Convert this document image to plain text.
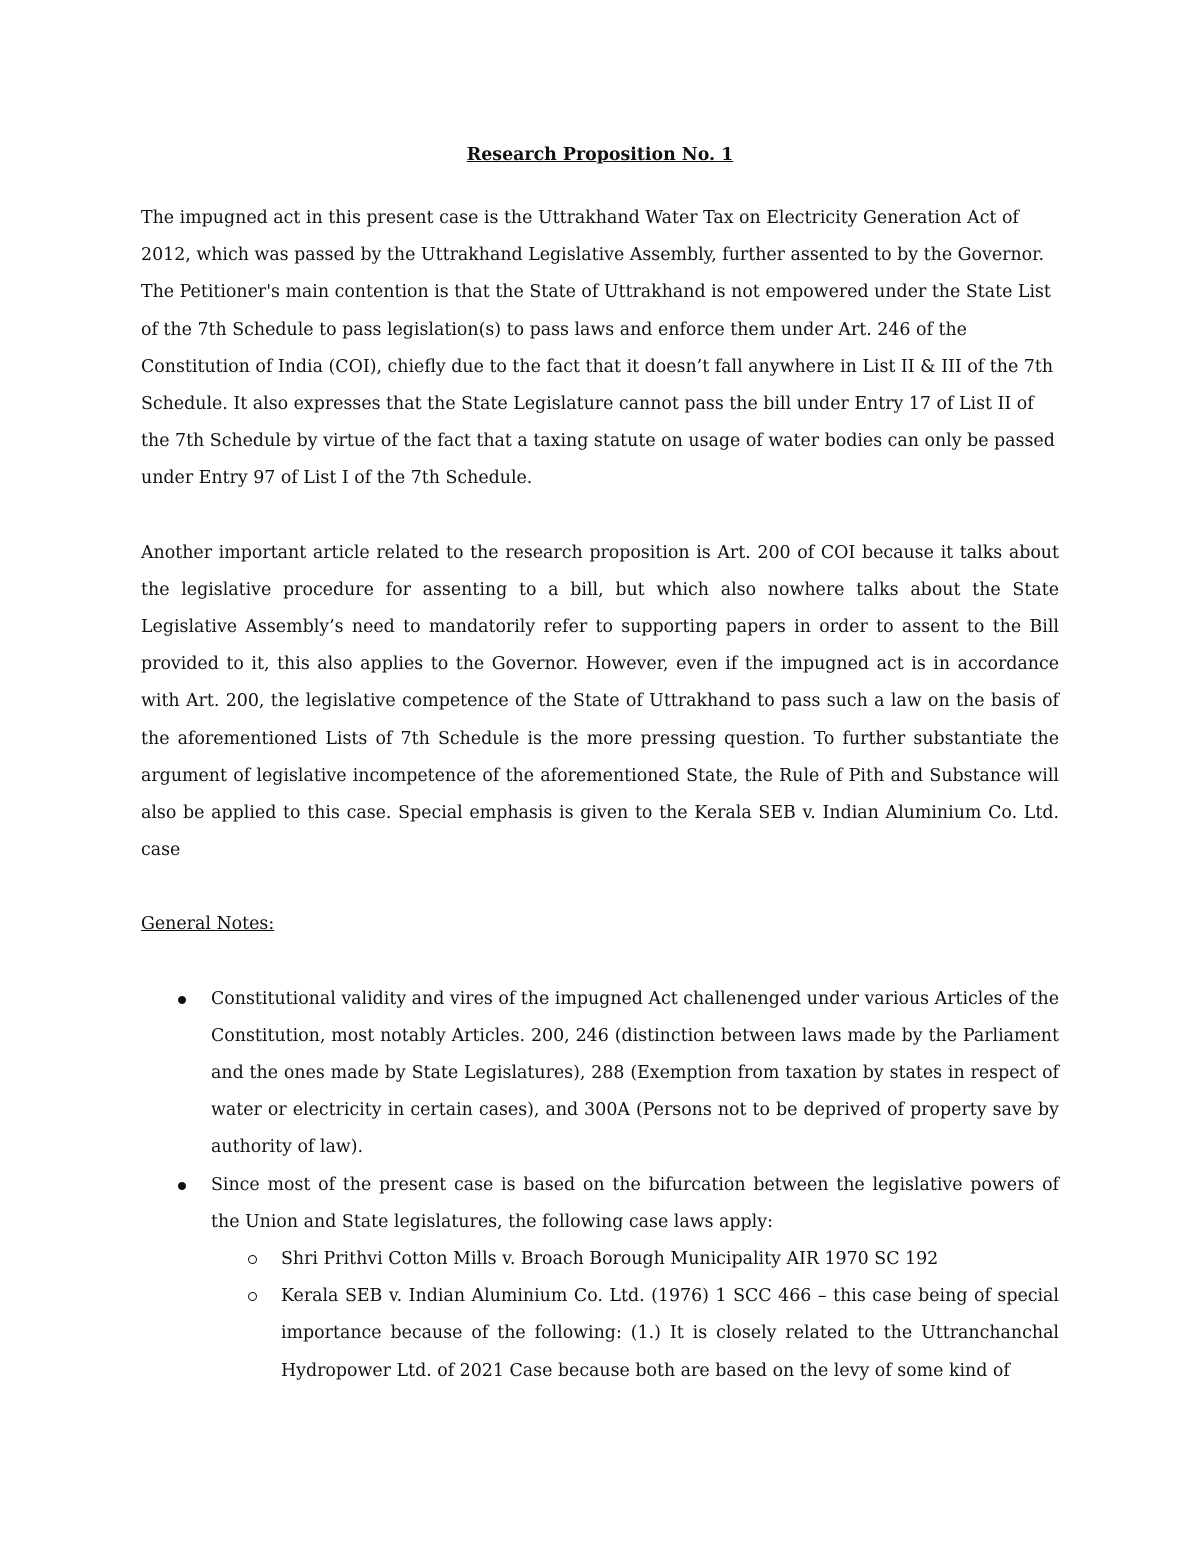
Research Proposition No. 1

The impugned act in this present case is the Uttrakhand Water Tax on Electricity Generation Act of 2012, which was passed by the Uttrakhand Legislative Assembly, further assented to by the Governor. The Petitioner's main contention is that the State of Uttrakhand is not empowered under the State List of the 7th Schedule to pass legislation(s) to pass laws and enforce them under Art. 246 of the Constitution of India (COI), chiefly due to the fact that it doesn’t fall anywhere in List II & III of the 7th Schedule. It also expresses that the State Legislature cannot pass the bill under Entry 17 of List II of the 7th Schedule by virtue of the fact that a taxing statute on usage of water bodies can only be passed under Entry 97 of List I of the 7th Schedule.

Another important article related to the research proposition is Art. 200 of COI because it talks about the legislative procedure for assenting to a bill, but which also nowhere talks about the State Legislative Assembly’s need to mandatorily refer to supporting papers in order to assent to the Bill provided to it, this also applies to the Governor. However, even if the impugned act is in accordance with Art. 200, the legislative competence of the State of Uttrakhand to pass such a law on the basis of the aforementioned Lists of 7th Schedule is the more pressing question. To further substantiate the argument of legislative incompetence of the aforementioned State, the Rule of Pith and Substance will also be applied to this case. Special emphasis is given to the Kerala SEB v. Indian Aluminium Co. Ltd. case

General Notes:

Constitutional validity and vires of the impugned Act challenenged under various Articles of the Constitution, most notably Articles. 200, 246 (distinction between laws made by the Parliament and the ones made by State Legislatures), 288 (Exemption from taxation by states in respect of water or electricity in certain cases), and 300A (Persons not to be deprived of property save by authority of law).
Since most of the present case is based on the bifurcation between the legislative powers of the Union and State legislatures, the following case laws apply:
Shri Prithvi Cotton Mills v. Broach Borough Municipality AIR 1970 SC 192
Kerala SEB v. Indian Aluminium Co. Ltd. (1976) 1 SCC 466 – this case being of special importance because of the following: (1.) It is closely related to the Uttranchanchal Hydropower Ltd. of 2021 Case because both are based on the levy of some kind of
